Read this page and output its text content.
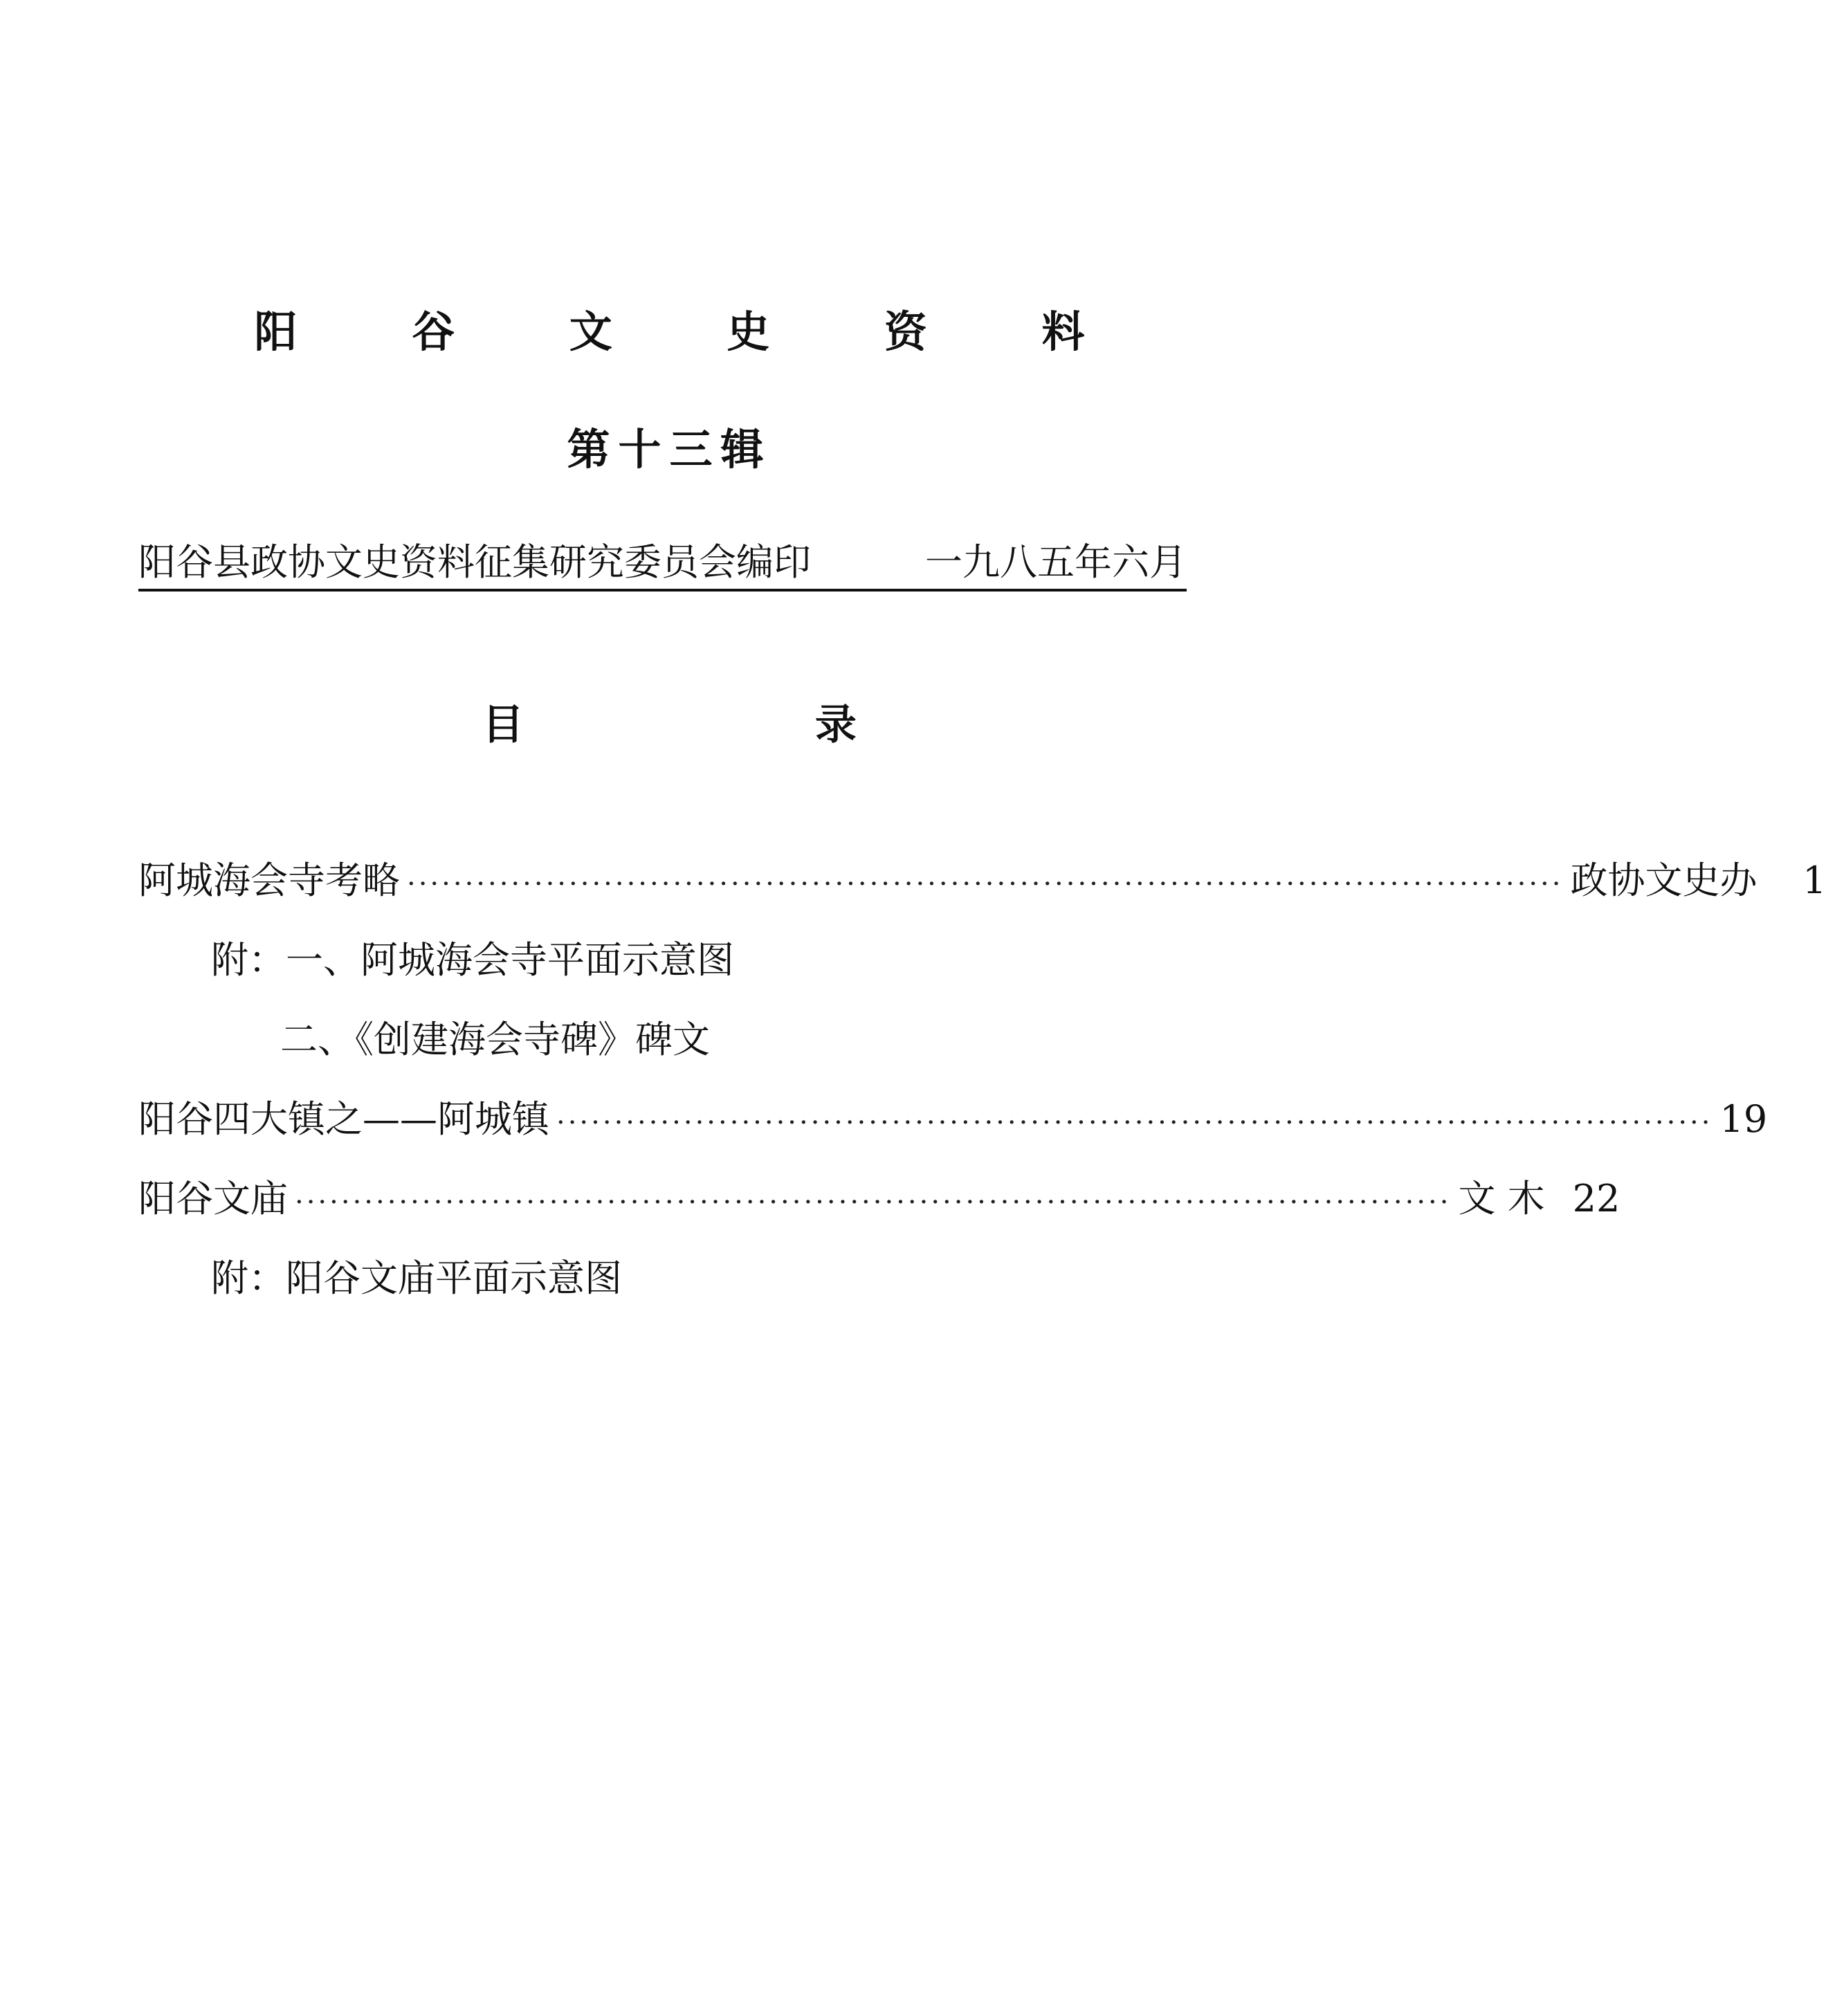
阳 谷 文 史 资 料
第十三辑
阳谷县政协文史资料征集研究委员会编印	一九八五年六月
目 录
阿城海会寺考略 ···································································································· 政协文史办	1
附：一、阿城海会寺平面示意图
二、《创建海会寺碑》碑文
阳谷四大镇之——阿城镇 ···································································································· 19
阳谷文庙 ···································································································· 文 木 22
附：阳谷文庙平面示意图
